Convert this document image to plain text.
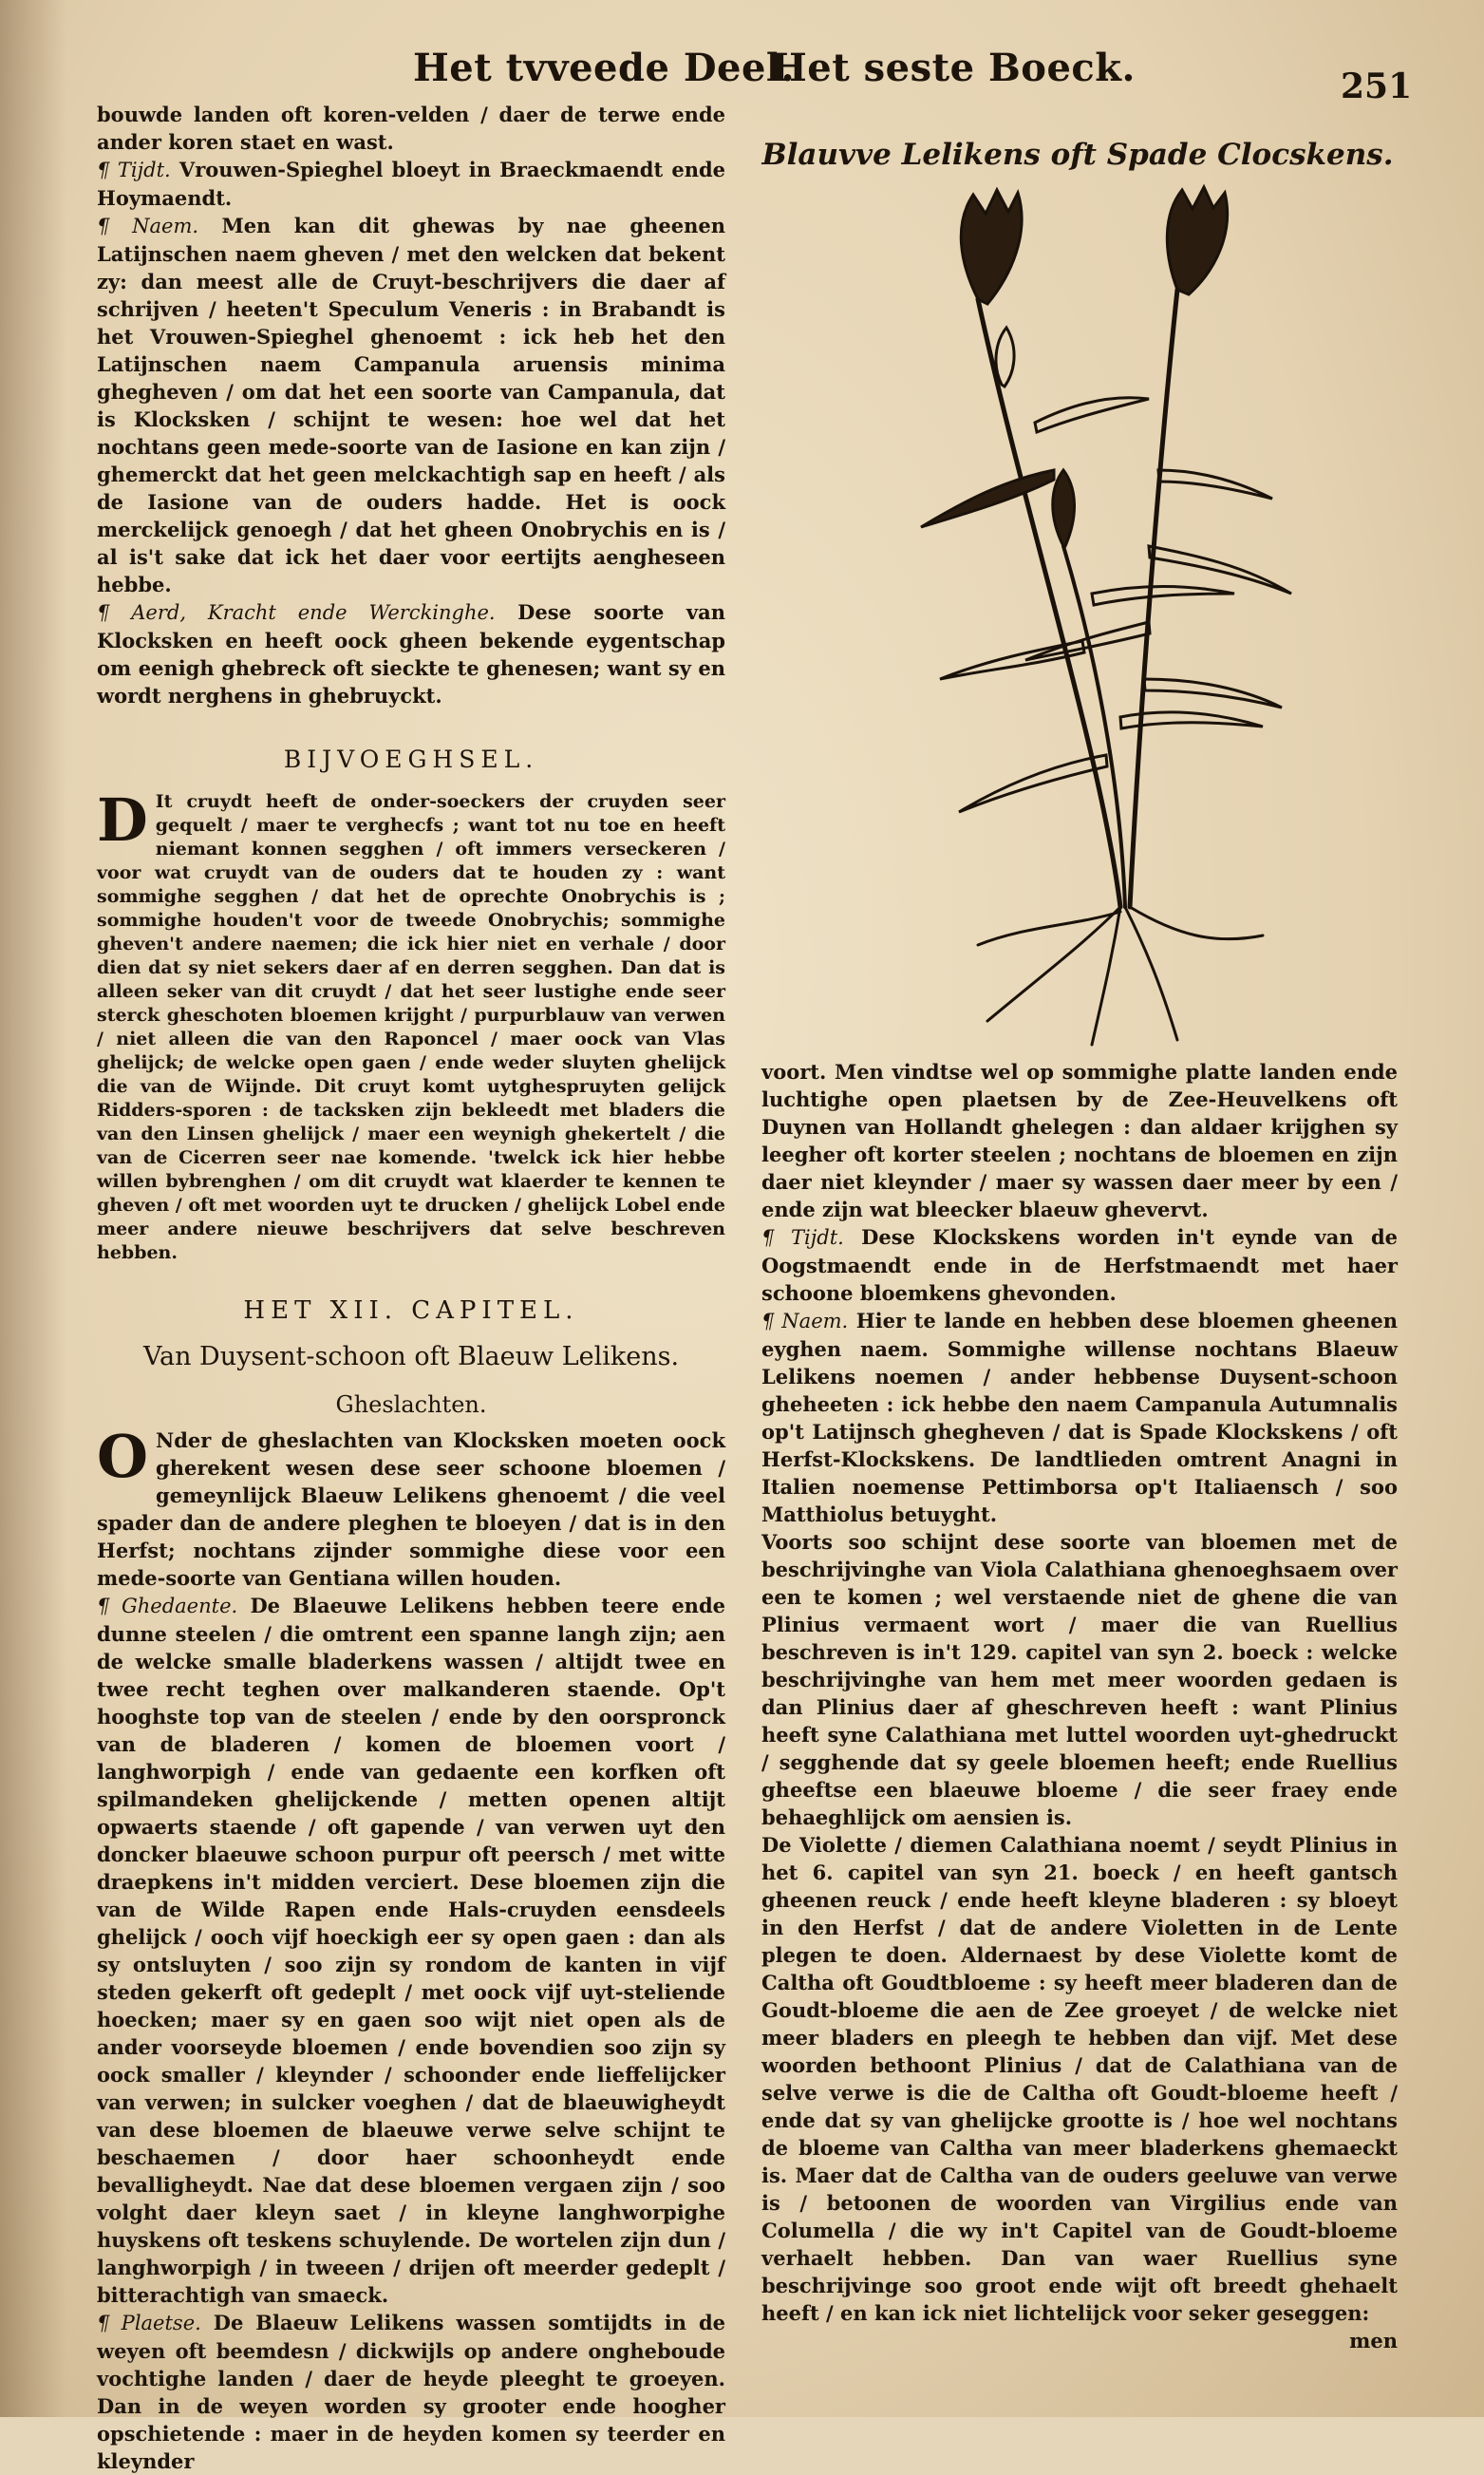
Het tvveede Deel.
Het seste Boeck.	251

bouwde landen oft koren-velden / daer de terwe ende ander koren staet en wast.

¶ Tijdt. Vrouwen-Spieghel bloeyt in Braeckmaendt ende Hoymaendt.

¶ Naem. Men kan dit ghewas by nae gheenen Latijnschen naem gheven / met den welcken dat bekent zy: dan meest alle de Cruyt-beschrijvers die daer af schrijven / heeten't Speculum Veneris : in Brabandt is het Vrouwen-Spieghel ghenoemt : ick heb het den Latijnschen naem Campanula aruensis minima ghegheven / om dat het een soorte van Campanula, dat is Klocksken / schijnt te wesen: hoe wel dat het nochtans geen mede-soorte van de Iasione en kan zijn / ghemerckt dat het geen melckachtigh sap en heeft / als de Iasione van de ouders hadde. Het is oock merckelijck genoegh / dat het gheen Onobrychis en is / al is't sake dat ick het daer voor eertijts aengheseen hebbe.

¶ Aerd, Kracht ende Werckinghe. Dese soorte van Klocksken en heeft oock gheen bekende eygentschap om eenigh ghebreck oft sieckte te ghenesen; want sy en wordt nerghens in ghebruyckt.

BIJVOEGHSEL.

D It cruydt heeft de onder-soeckers der cruyden seer gequelt / maer te verghecfs ; want tot nu toe en heeft niemant konnen segghen / oft immers verseckeren / voor wat cruydt van de ouders dat te houden zy : want sommighe segghen / dat het de oprechte Onobrychis is ; sommighe houden't voor de tweede Onobrychis; sommighe gheven't andere naemen; die ick hier niet en verhale / door dien dat sy niet sekers daer af en derren segghen. Dan dat is alleen seker van dit cruydt / dat het seer lustighe ende seer sterck gheschoten bloemen krijght / purpurblauw van verwen / niet alleen die van den Raponcel / maer oock van Vlas ghelijck; de welcke open gaen / ende weder sluyten ghelijck die van de Wijnde. Dit cruyt komt uytghespruyten gelijck Ridders-sporen : de tacksken zijn bekleedt met bladers die van den Linsen ghelijck / maer een weynigh ghekertelt / die van de Cicerren seer nae komende. 'twelck ick hier hebbe willen bybrenghen / om dit cruydt wat klaerder te kennen te gheven / oft met woorden uyt te drucken / ghelijck Lobel ende meer andere nieuwe beschrijvers dat selve beschreven hebben.

HET XII. CAPITEL.
Van Duysent-schoon oft Blaeuw Lelikens.
Gheslachten.

O Nder de gheslachten van Klocksken moeten oock gherekent wesen dese seer schoone bloemen / gemeynlijck Blaeuw Lelikens ghenoemt / die veel spader dan de andere pleghen te bloeyen / dat is in den Herfst; nochtans zijnder sommighe diese voor een mede-soorte van Gentiana willen houden.

¶ Ghedaente. De Blaeuwe Lelikens hebben teere ende dunne steelen / die omtrent een spanne langh zijn; aen de welcke smalle bladerkens wassen / altijdt twee en twee recht teghen over malkanderen staende. Op't hooghste top van de steelen / ende by den oorspronck van de bladeren / komen de bloemen voort / langhworpigh / ende van gedaente een korfken oft spilmandeken ghelijckende / metten openen altijt opwaerts staende / oft gapende / van verwen uyt den doncker blaeuwe schoon purpur oft peersch / met witte draepkens in't midden verciert. Dese bloemen zijn die van de Wilde Rapen ende Hals-cruyden eensdeels ghelijck / ooch vijf hoeckigh eer sy open gaen : dan als sy ontsluyten / soo zijn sy rondom de kanten in vijf steden gekerft oft gedeplt / met oock vijf uyt-steliende hoecken; maer sy en gaen soo wijt niet open als de ander voorseyde bloemen / ende bovendien soo zijn sy oock smaller / kleynder / schoonder ende lieffelijcker van verwen; in sulcker voeghen / dat de blaeuwigheydt van dese bloemen de blaeuwe verwe selve schijnt te beschaemen / door haer schoonheydt ende bevalligheydt. Nae dat dese bloemen vergaen zijn / soo volght daer kleyn saet / in kleyne langhworpighe huyskens oft teskens schuylende. De wortelen zijn dun / langhworpigh / in tweeen / drijen oft meerder gedeplt / bitterachtigh van smaeck.

¶ Plaetse. De Blaeuw Lelikens wassen somtijdts in de weyen oft beemdesn / dickwijls op andere ongheboude vochtighe landen / daer de heyde pleeght te groeyen. Dan in de weyen worden sy grooter ende hoogher opschietende : maer in de heyden komen sy teerder en kleynder

Blauvve Lelikens oft Spade Clocskens.

voort. Men vindtse wel op sommighe platte landen ende luchtighe open plaetsen by de Zee-Heuvelkens oft Duynen van Hollandt ghelegen : dan aldaer krijghen sy leegher oft korter steelen ; nochtans de bloemen en zijn daer niet kleynder / maer sy wassen daer meer by een / ende zijn wat bleecker blaeuw ghevervt.

¶ Tijdt. Dese Klockskens worden in't eynde van de Oogstmaendt ende in de Herfstmaendt met haer schoone bloemkens ghevonden.

¶ Naem. Hier te lande en hebben dese bloemen gheenen eyghen naem. Sommighe willense nochtans Blaeuw Lelikens noemen / ander hebbense Duysent-schoon gheheeten : ick hebbe den naem Campanula Autumnalis op't Latijnsch ghegheven / dat is Spade Klockskens / oft Herfst-Klockskens. De landtlieden omtrent Anagni in Italien noemense Pettimborsa op't Italiaensch / soo Matthiolus betuyght.

Voorts soo schijnt dese soorte van bloemen met de beschrijvinghe van Viola Calathiana ghenoeghsaem over een te komen ; wel verstaende niet de ghene die van Plinius vermaent wort / maer die van Ruellius beschreven is in't 129. capitel van syn 2. boeck : welcke beschrijvinghe van hem met meer woorden gedaen is dan Plinius daer af gheschreven heeft : want Plinius heeft syne Calathiana met luttel woorden uyt-ghedruckt / segghende dat sy geele bloemen heeft; ende Ruellius gheeftse een blaeuwe bloeme / die seer fraey ende behaeghlijck om aensien is.

De Violette / diemen Calathiana noemt / seydt Plinius in het 6. capitel van syn 21. boeck / en heeft gantsch gheenen reuck / ende heeft kleyne bladeren : sy bloeyt in den Herfst / dat de andere Violetten in de Lente plegen te doen. Aldernaest by dese Violette komt de Caltha oft Goudtbloeme : sy heeft meer bladeren dan de Goudt-bloeme die aen de Zee groeyet / de welcke niet meer bladers en pleegh te hebben dan vijf. Met dese woorden bethoont Plinius / dat de Calathiana van de selve verwe is die de Caltha oft Goudt-bloeme heeft / ende dat sy van ghelijcke grootte is / hoe wel nochtans de bloeme van Caltha van meer bladerkens ghemaeckt is. Maer dat de Caltha van de ouders geeluwe van verwe is / betoonen de woorden van Virgilius ende van Columella / die wy in't Capitel van de Goudt-bloeme verhaelt hebben. Dan van waer Ruellius syne beschrijvinge soo groot ende wijt oft breedt ghehaelt heeft / en kan ick niet lichtelijck voor seker geseggen:

men
